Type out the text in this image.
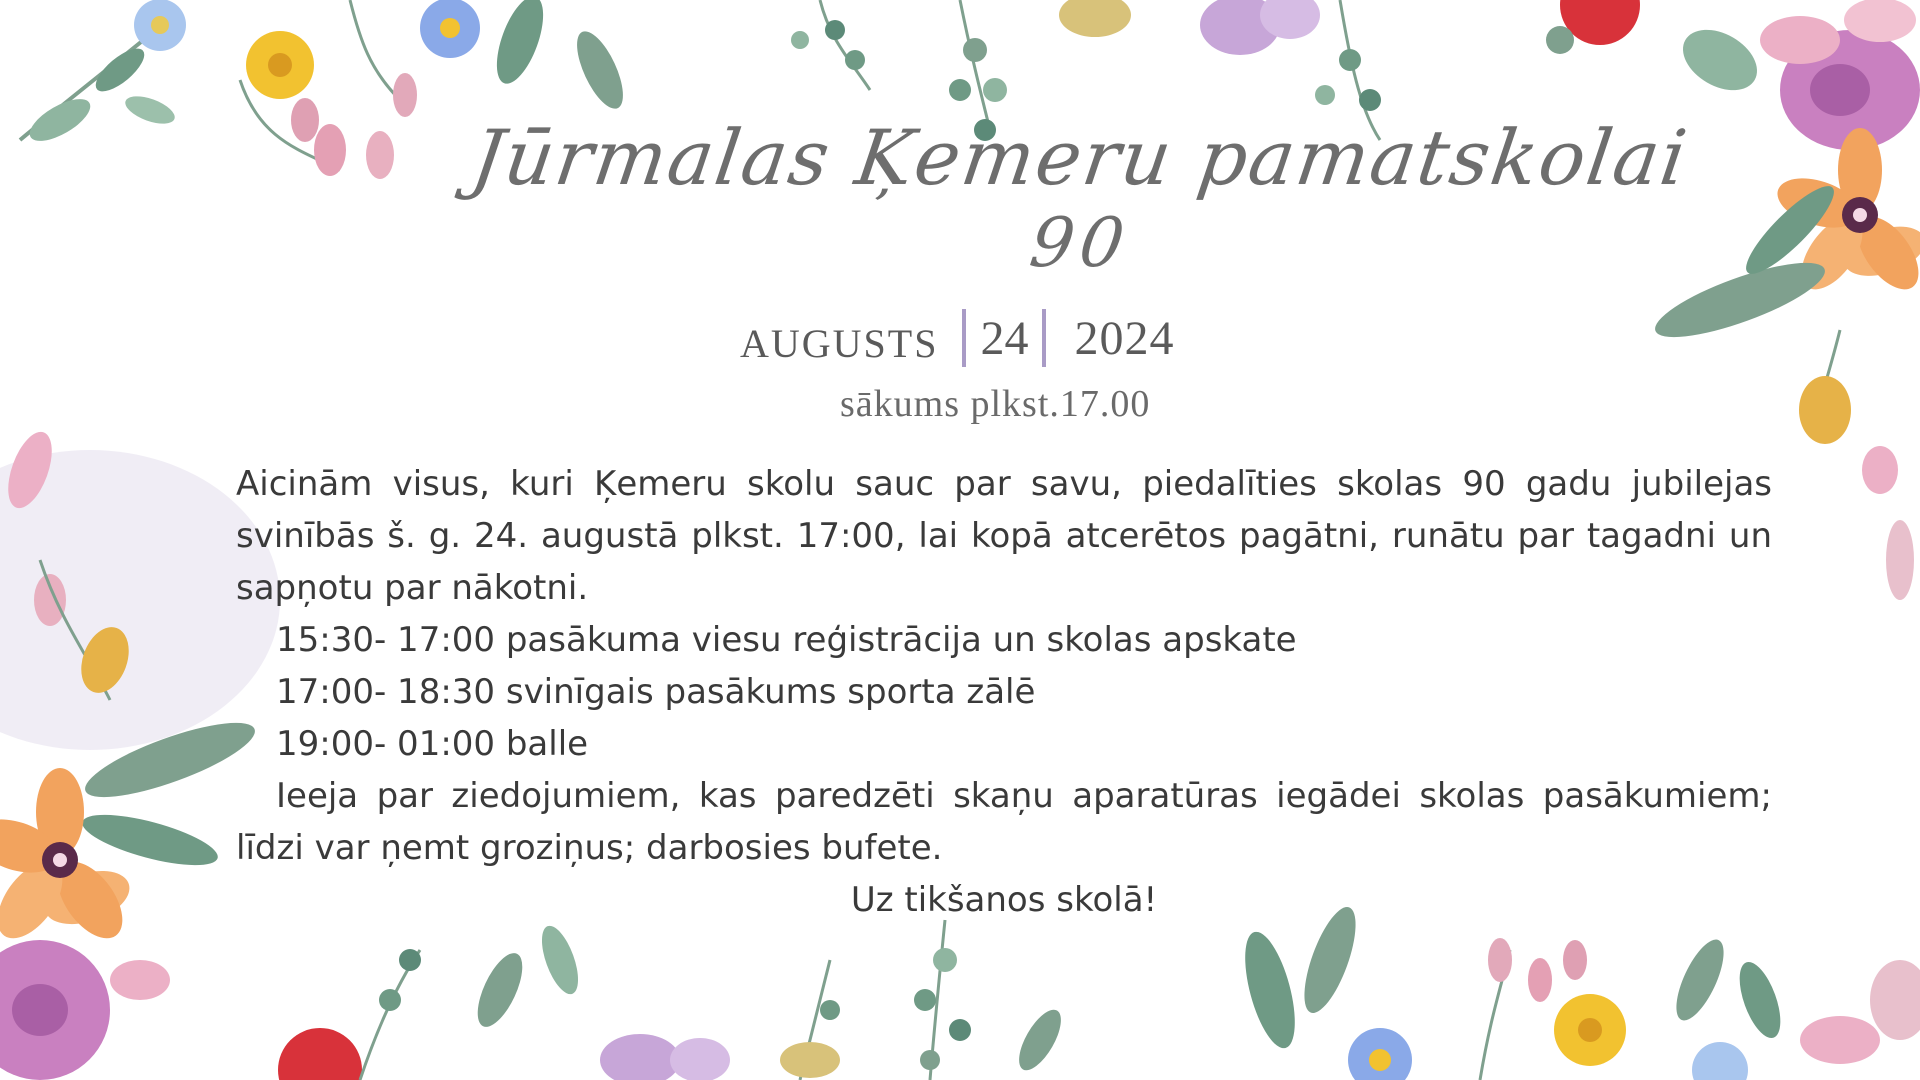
Jūrmalas Ķemeru pamatskolai
90
AUGUSTS 24 2024
sākums plkst.17.00

Aicinām visus, kuri Ķemeru skolu sauc par savu, piedalīties skolas 90 gadu jubilejas svinībās š. g. 24. augustā plkst. 17:00, lai kopā atcerētos pagātni, runātu par tagadni un sapņotu par nākotni.

15:30- 17:00 pasākuma viesu reģistrācija un skolas apskate

17:00- 18:30 svinīgais pasākums sporta zālē

19:00- 01:00 balle

Ieeja par ziedojumiem, kas paredzēti skaņu aparatūras iegādei skolas pasākumiem; līdzi var ņemt groziņus; darbosies bufete.

Uz tikšanos skolā!
